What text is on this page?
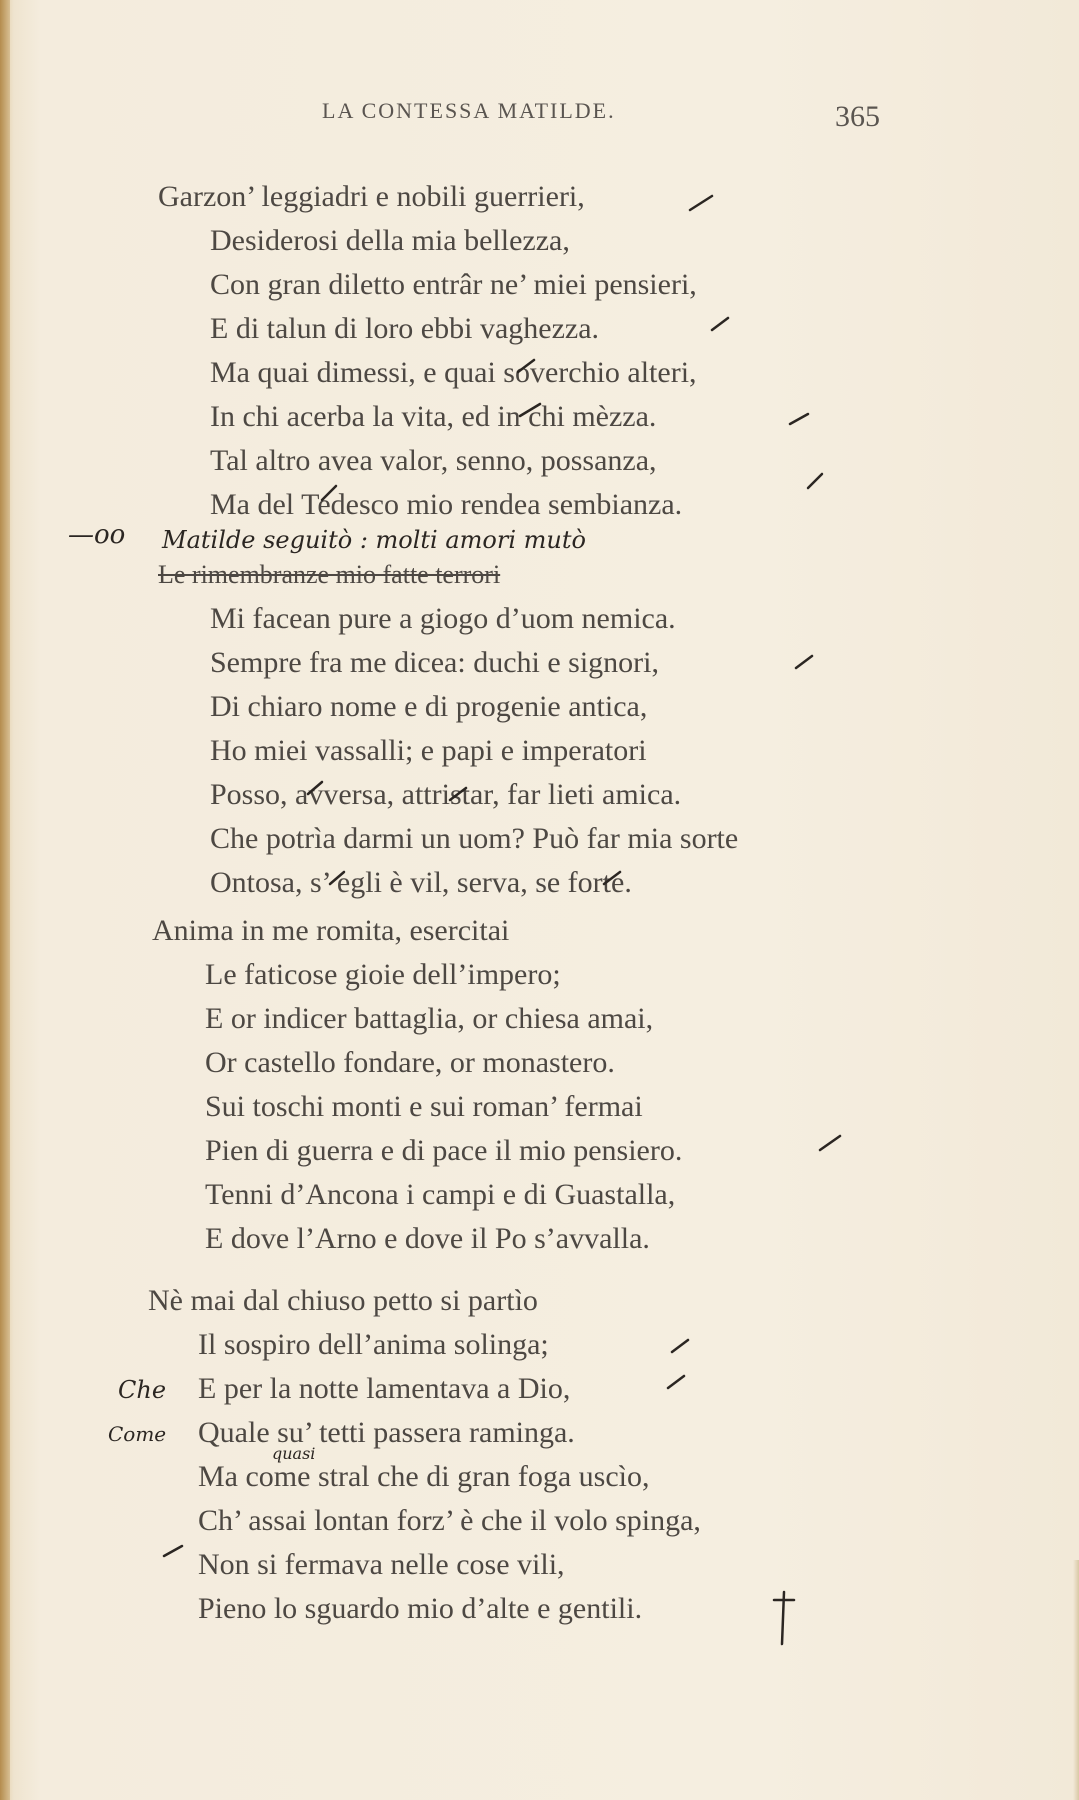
LA CONTESSA MATILDE.	365
Garzon’ leggiadri e nobili guerrieri,
Desiderosi della mia bellezza,
Con gran diletto entrâr ne’ miei pensieri,
E di talun di loro ebbi vaghezza.
Ma quai dimessi, e quai soverchio alteri,
In chi acerba la vita, ed in chi mèzza.
Tal altro avea valor, senno, possanza,
Ma del Tedesco mio rendea sembianza.
—oo Matilde seguitò : molti amori mutò
Le rimembranze mio fatte terrori
Mi facean pure a giogo d’uom nemica.
Sempre fra me dicea: duchi e signori,
Di chiaro nome e di progenie antica,
Ho miei vassalli; e papi e imperatori
Posso, avversa, attristar, far lieti amica.
Che potrìa darmi un uom? Può far mia sorte
Ontosa, s’ egli è vil, serva, se forte.
Anima in me romita, esercitai
Le faticose gioie dell’impero;
E or indicer battaglia, or chiesa amai,
Or castello fondare, or monastero.
Sui toschi monti e sui roman’ fermai
Pien di guerra e di pace il mio pensiero.
Tenni d’Ancona i campi e di Guastalla,
E dove l’Arno e dove il Po s’avvalla.
Nè mai dal chiuso petto si partìo
Il sospiro dell’anima solinga;
E per la notte lamentava a Dio,
Quale su’ tetti passera raminga.
Ma come stral che di gran foga uscìo,
Ch’ assai lontan forz’ è che il volo spinga,
Non si fermava nelle cose vili,
Pieno lo sguardo mio d’alte e gentili.
Che
Come
quasi
